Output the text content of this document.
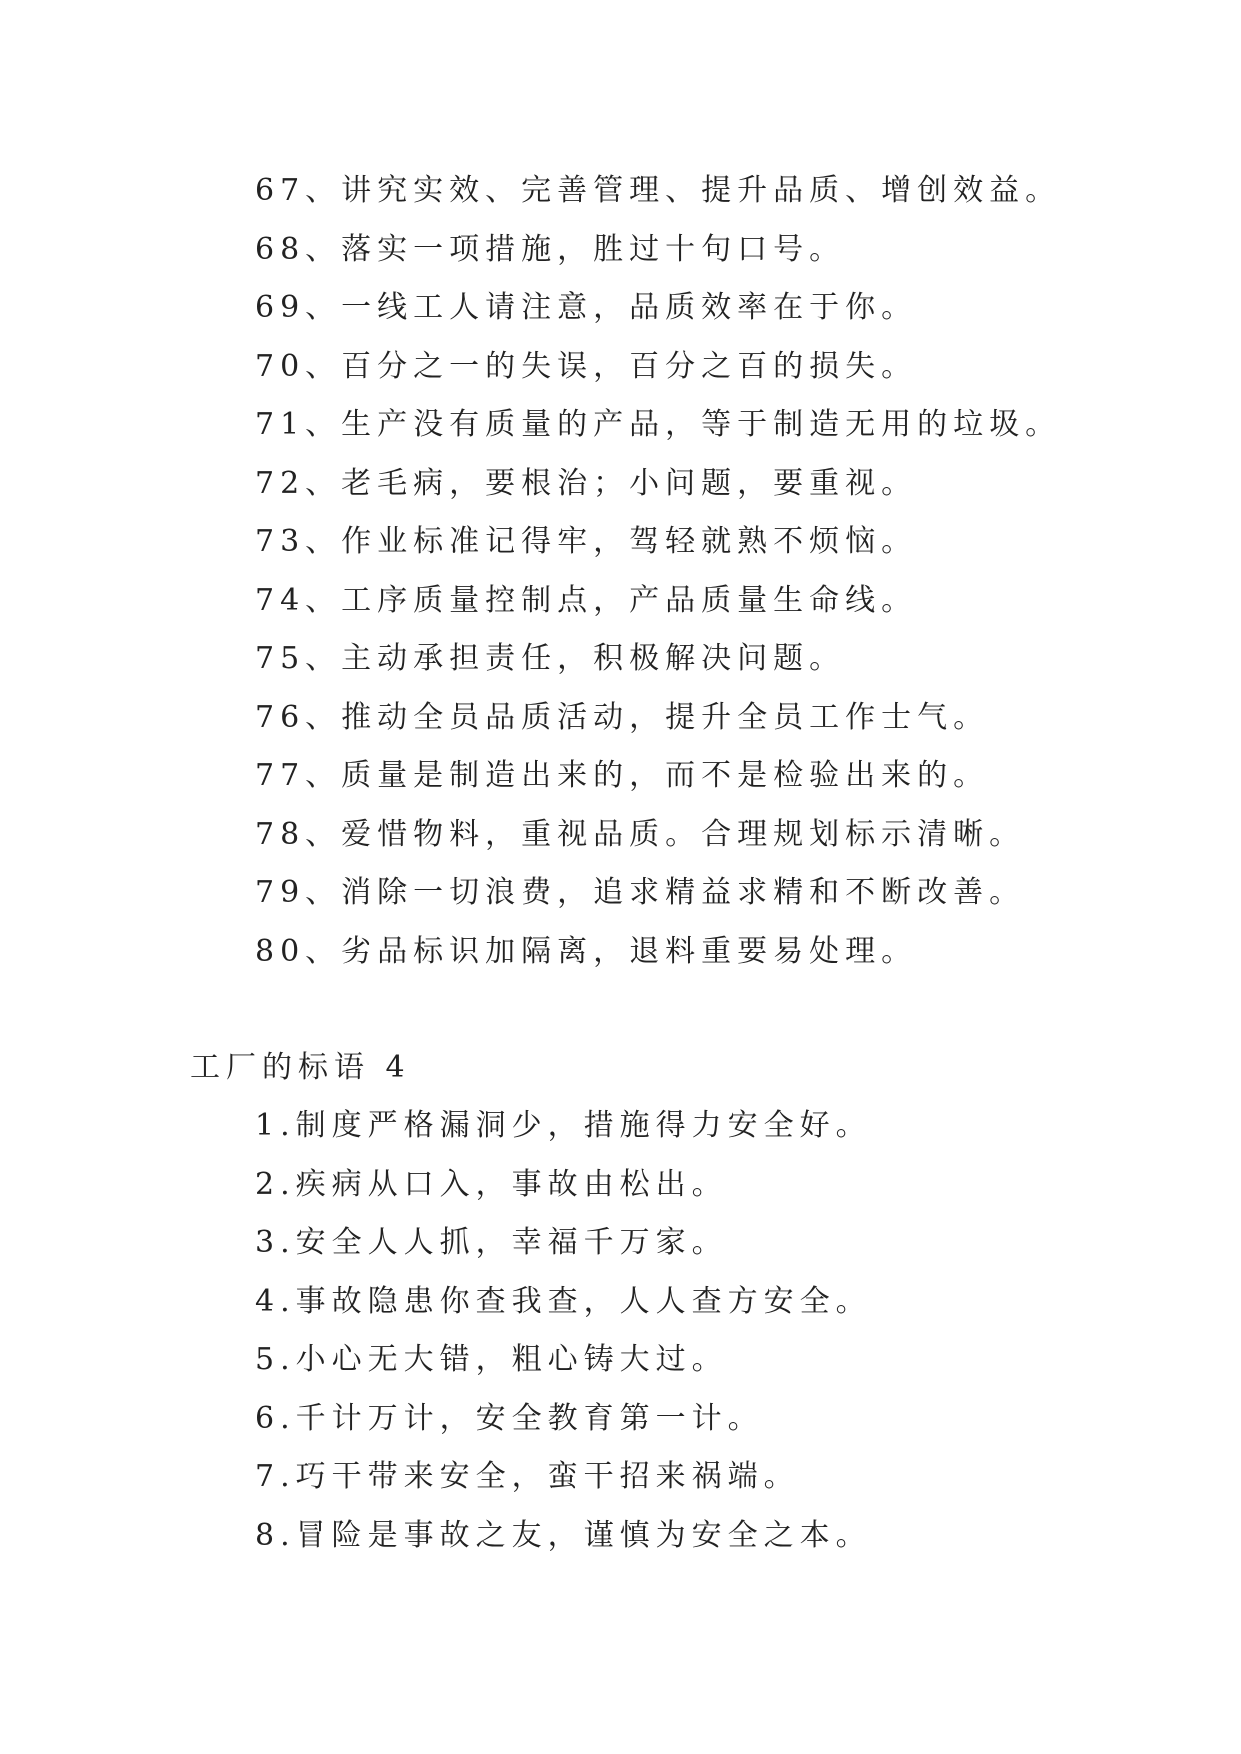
67、讲究实效、完善管理、提升品质、增创效益。
68、落实一项措施，胜过十句口号。
69、一线工人请注意，品质效率在于你。
70、百分之一的失误，百分之百的损失。
71、生产没有质量的产品，等于制造无用的垃圾。
72、老毛病，要根治；小问题，要重视。
73、作业标准记得牢，驾轻就熟不烦恼。
74、工序质量控制点，产品质量生命线。
75、主动承担责任，积极解决问题。
76、推动全员品质活动，提升全员工作士气。
77、质量是制造出来的，而不是检验出来的。
78、爱惜物料，重视品质。合理规划标示清晰。
79、消除一切浪费，追求精益求精和不断改善。
80、劣品标识加隔离，退料重要易处理。
工厂的标语 4
1.制度严格漏洞少，措施得力安全好。
2.疾病从口入，事故由松出。
3.安全人人抓，幸福千万家。
4.事故隐患你查我查，人人查方安全。
5.小心无大错，粗心铸大过。
6.千计万计，安全教育第一计。
7.巧干带来安全，蛮干招来祸端。
8.冒险是事故之友，谨慎为安全之本。
